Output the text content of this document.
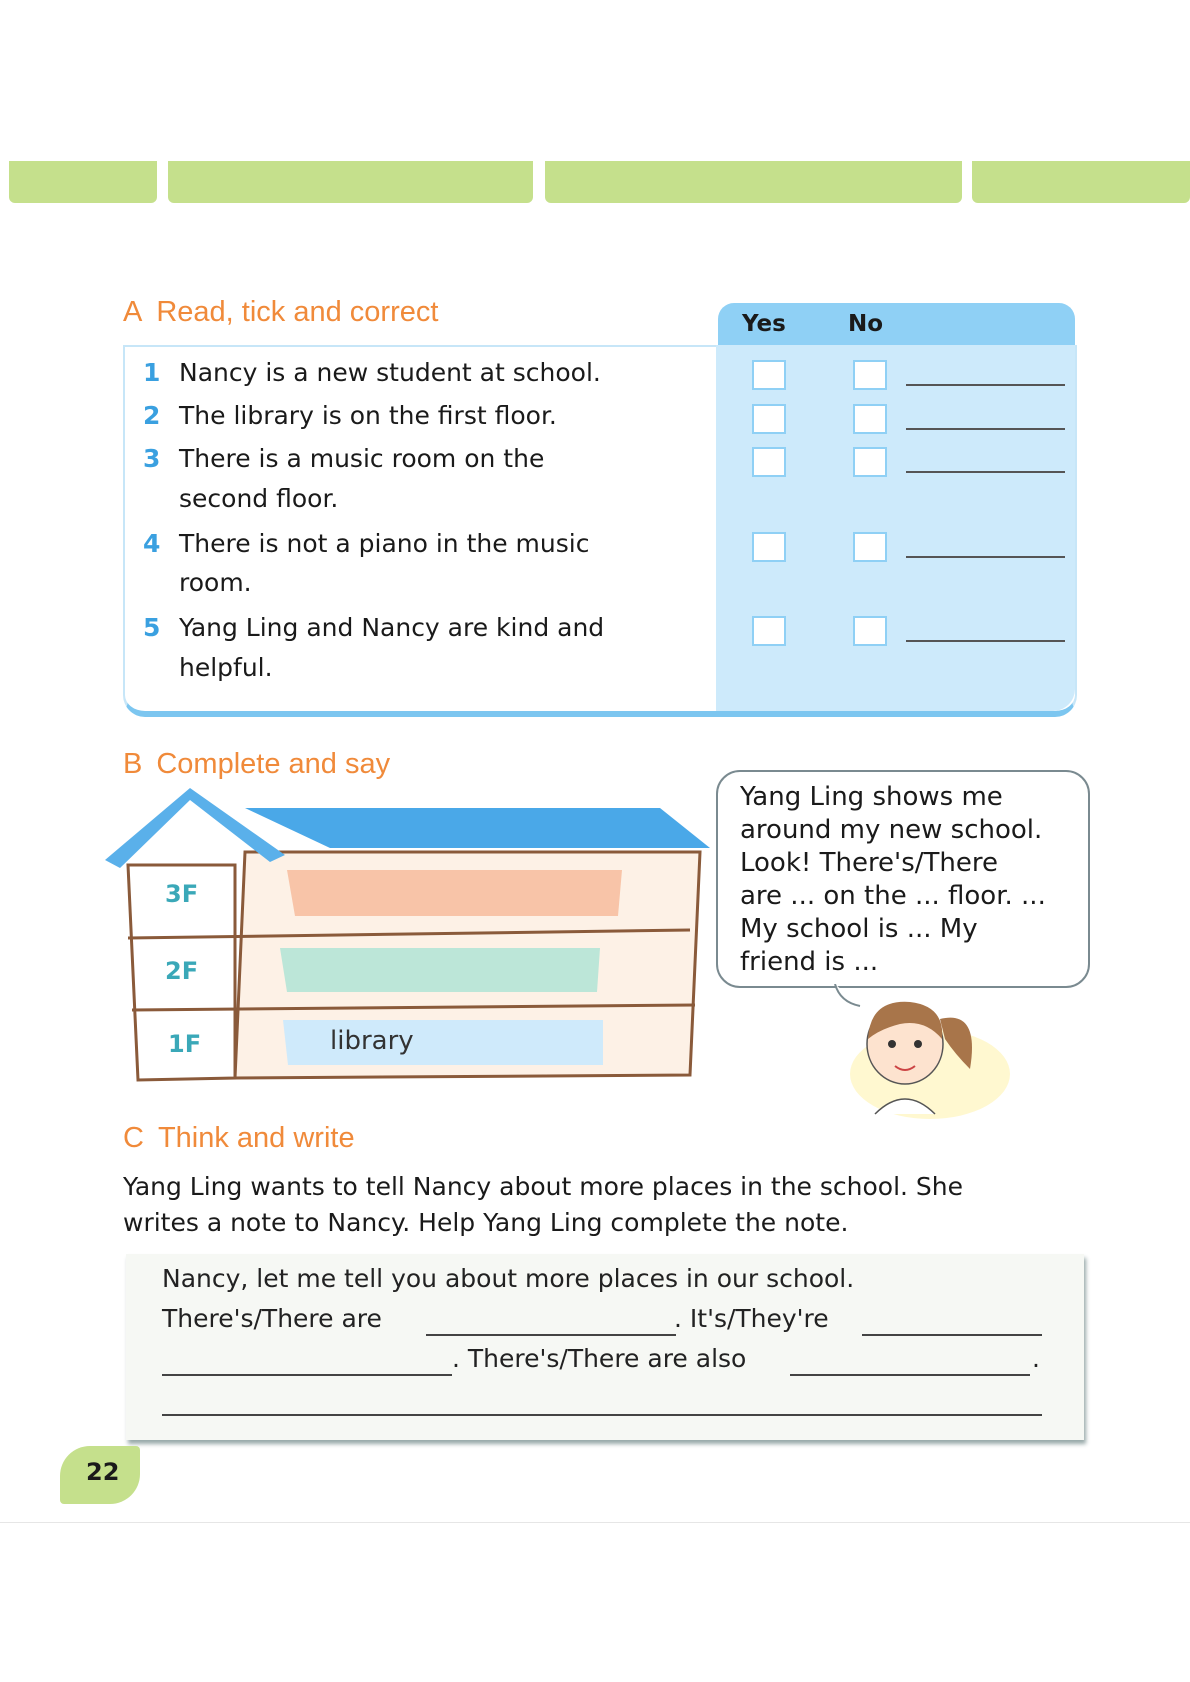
A Read, tick and correct	Yes	No
1 Nancy is a new student at school.
2 The library is on the first floor.
3 There is a music room on the
second floor.
4 There is not a piano in the music
room.
5 Yang Ling and Nancy are kind and
helpful.
B Complete and say
3F
2F
1F	library
Yang Ling shows me
around my new school.
Look! There's/There
are ... on the ... floor. ...
My school is ... My
friend is ...
C Think and write
Yang Ling wants to tell Nancy about more places in the school. She
writes a note to Nancy. Help Yang Ling complete the note.
Nancy, let me tell you about more places in our school.
There's/There are	. It's/They're
. There's/There are also	.
22
